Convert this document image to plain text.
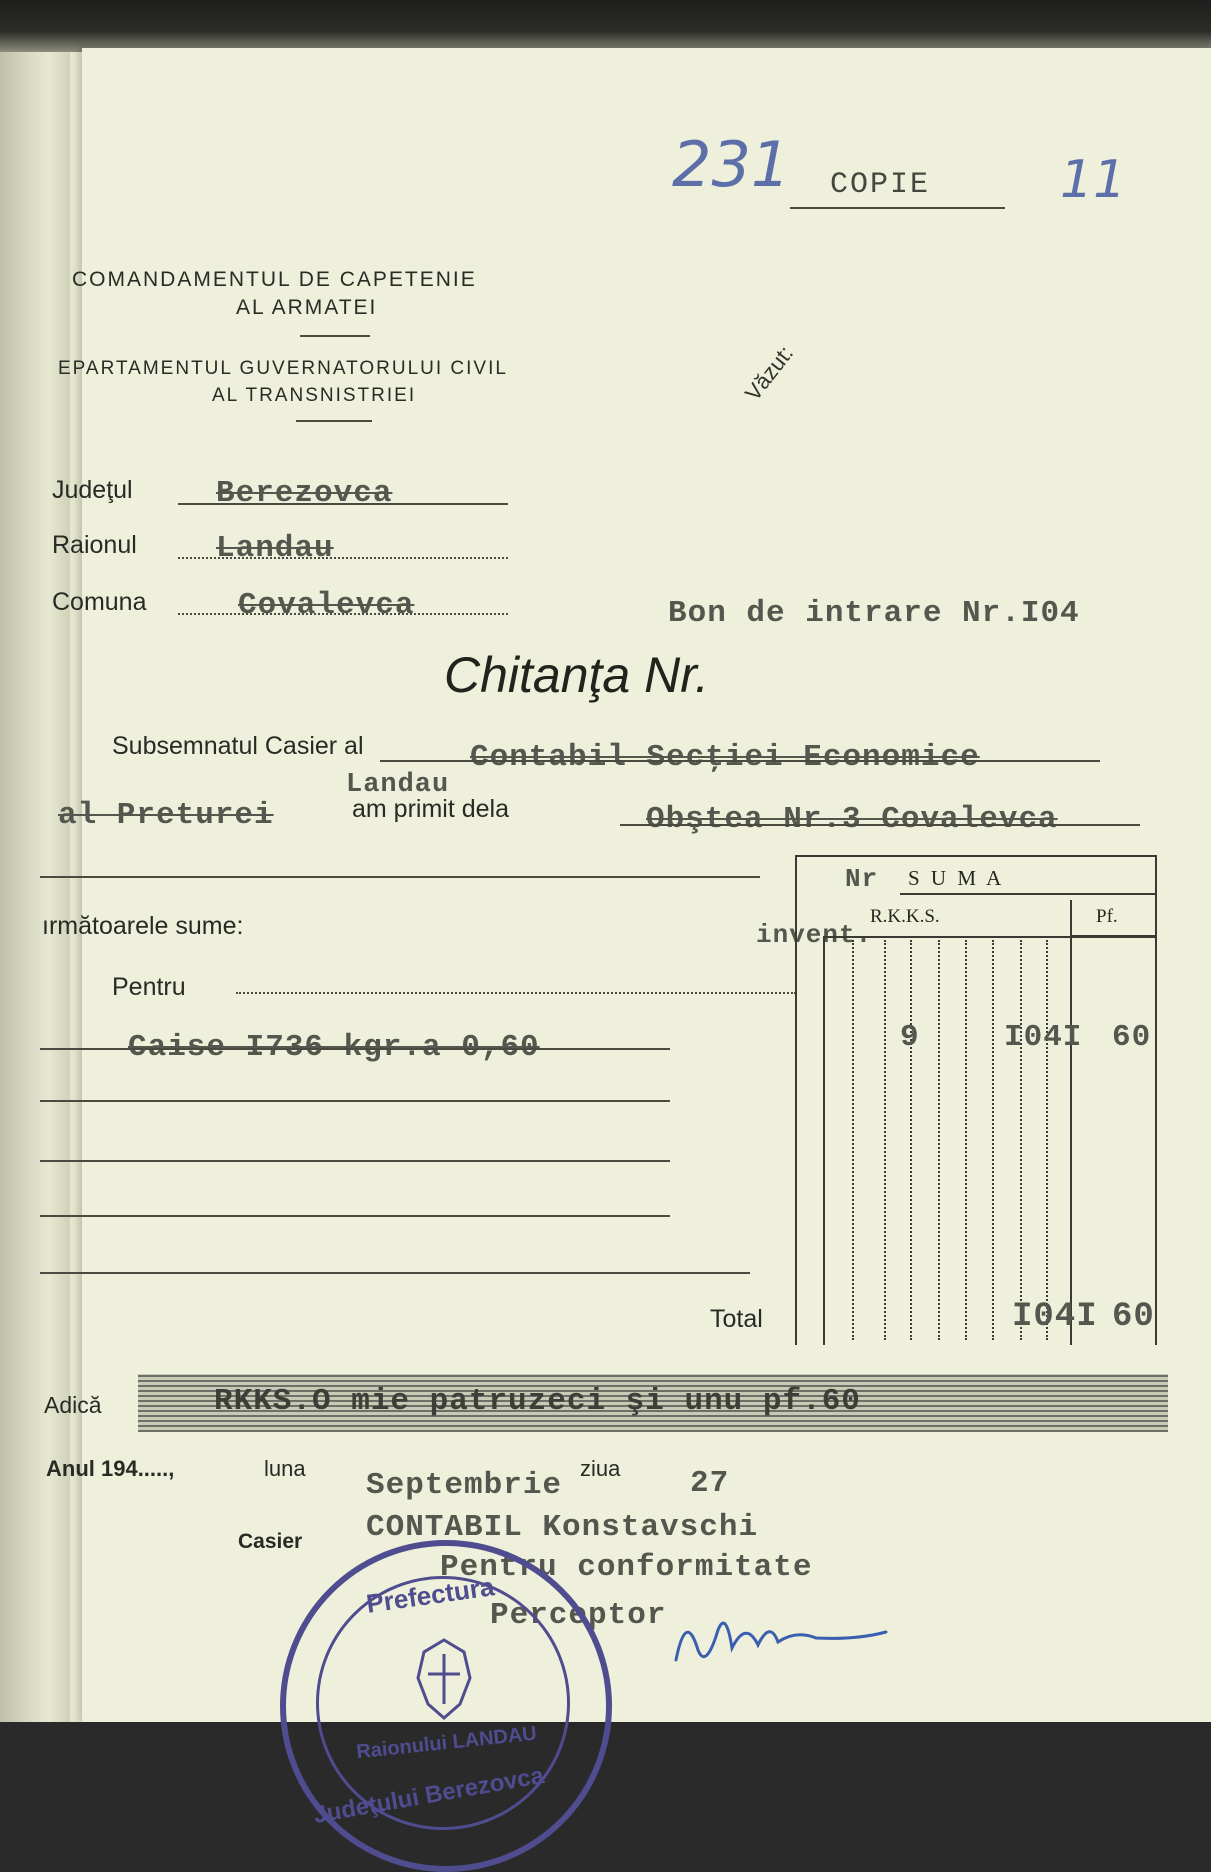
231 COPIE 11
COMANDAMENTUL DE CAPETENIE
AL ARMATEI
EPARTAMENTUL GUVERNATORULUI CIVIL
AL TRANSNISTRIEI	Văzut:
Judeţul	Berezovca
Raionul	Landau
Comuna	Covalevca	Bon de intrare Nr.I04
Chitanţa Nr.
Subsemnatul Casier al	Contabil Secţiei Economice
al Preturei
Landau
am primit dela	Obştea Nr.3 Covalevca
ırmătoarele sume:	invent.
Pentru
Caise I736 kgr.a 0,60
Nr S U M A
R.K.K.S.	Pf.
9	I04I 60
Total	I04I 60
Adică	RKKS.O mie patruzeci şi unu pf.60
Anul 194.....,	luna Septembrie ziua 27
Casier CONTABIL Konstavschi
Pentru conformitate
Perceptor
Prefectura
Raionului LANDAU
Judeţului Berezovca
